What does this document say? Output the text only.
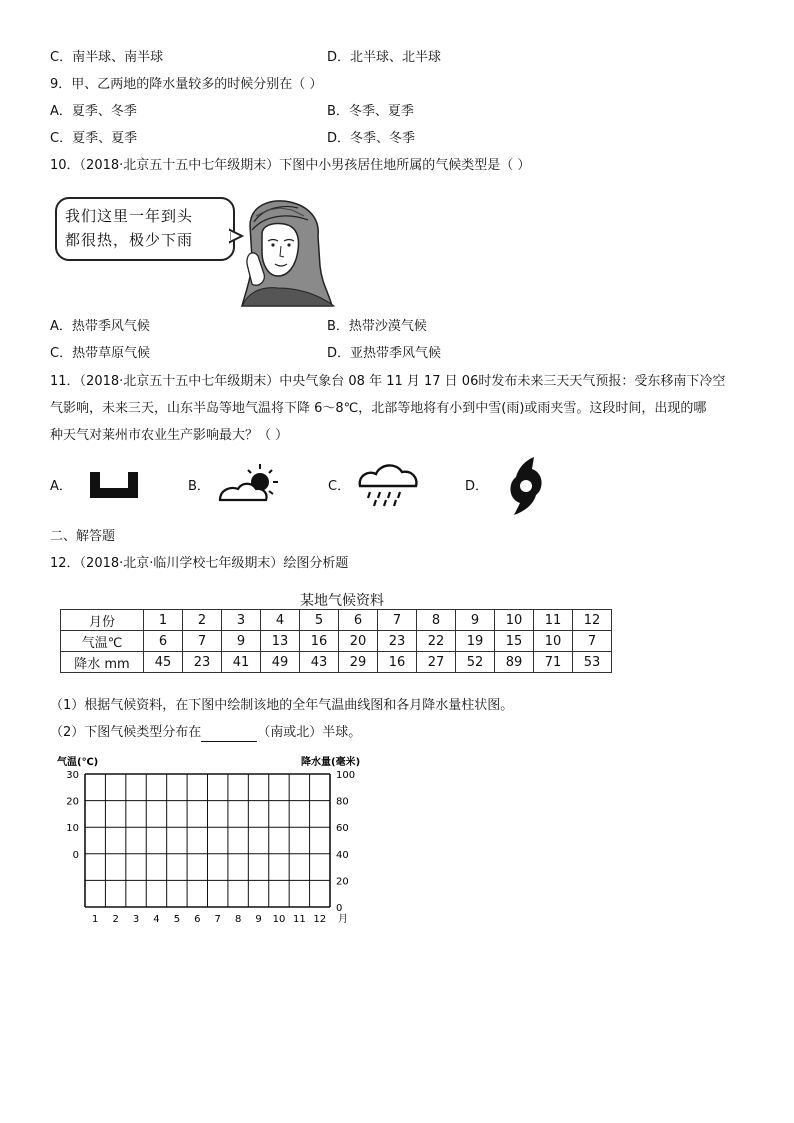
C．南半球、南半球	D．北半球、北半球
9．甲、乙两地的降水量较多的时候分别在（ ）
A．夏季、冬季	B．冬季、夏季
C．夏季、夏季	D．冬季、冬季
10．（2018·北京五十五中七年级期末）下图中小男孩居住地所属的气候类型是（ ）
我们这里一年到头
都很热，极少下雨
A．热带季风气候	B．热带沙漠气候
C．热带草原气候	D．亚热带季风气候
11．（2018·北京五十五中七年级期末）中央气象台 08 年 11 月 17 日 06时发布未来三天天气预报：受东移南下冷空
气影响，未来三天，山东半岛等地气温将下降 6～8℃，北部等地将有小到中雪(雨)或雨夹雪。这段时间，出现的哪
种天气对莱州市农业生产影响最大？（ ）
A．	B．	C．	D．
二、解答题
12．（2018·北京·临川学校七年级期末）绘图分析题
某地气候资料
月份	1	2	3	4	5	6	7	8	9	10	11	12
气温℃	6	7	9	13	16	20	23	22	19	15	10	7
降水 mm	45	23	41	49	43	29	16	27	52	89	71	53
（1）根据气候资料，在下图中绘制该地的全年气温曲线图和各月降水量柱状图。
（2）下图气候类型分布在	（南或北）半球。
30
20
10
0
100
80
60
40
20
0
1 2 3 4 5 6 7 8 9 10 11 12
气温(℃)	降水量(毫米)
月
